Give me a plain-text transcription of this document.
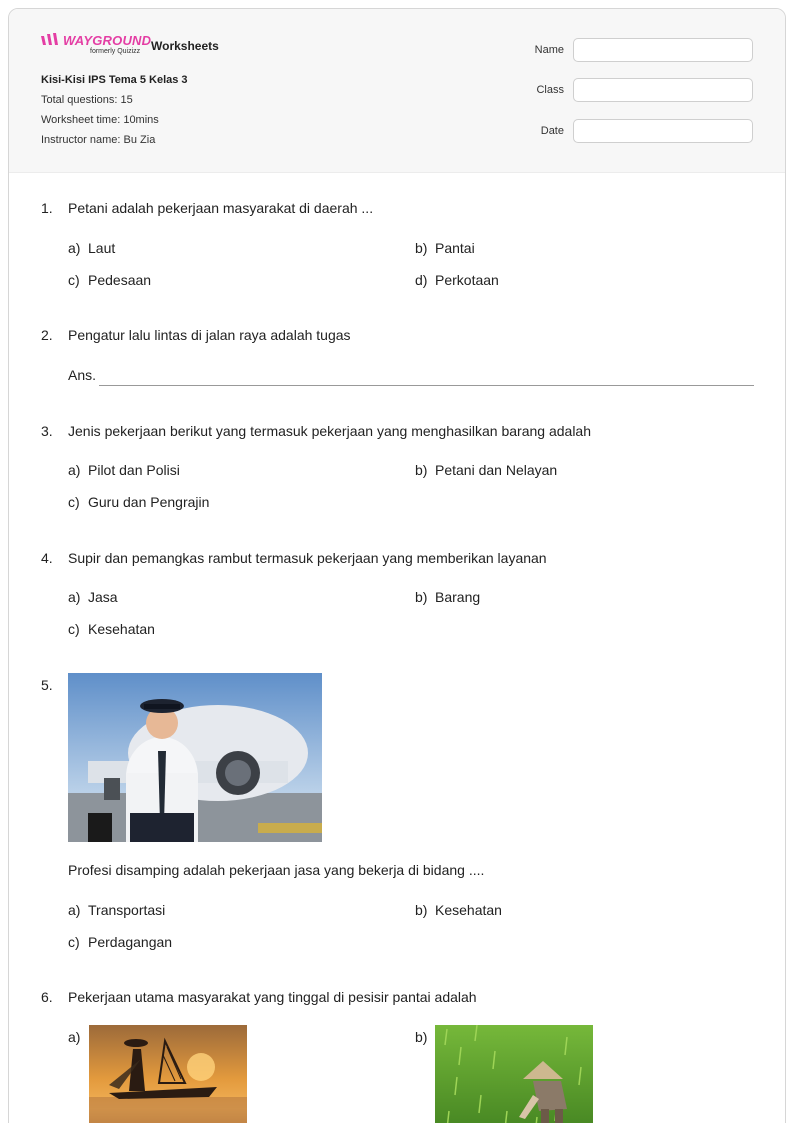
WAYGROUND
formerly Quizizz Worksheets
Kisi-Kisi IPS Tema 5 Kelas 3
Total questions: 15
Worksheet time: 10mins
Instructor name: Bu Zia
Name
Class
Date
1. Petani adalah pekerjaan masyarakat di daerah ...
a) Laut	b) Pantai
c) Pedesaan	d) Perkotaan
2. Pengatur lalu lintas di jalan raya adalah tugas
Ans.
3. Jenis pekerjaan berikut yang termasuk pekerjaan yang menghasilkan barang adalah
a) Pilot dan Polisi	b) Petani dan Nelayan
c) Guru dan Pengrajin
4. Supir dan pemangkas rambut termasuk pekerjaan yang memberikan layanan
a) Jasa	b) Barang
c) Kesehatan
5.
Profesi disamping adalah pekerjaan jasa yang bekerja di bidang ....
a) Transportasi	b) Kesehatan
c) Perdagangan
6. Pekerjaan utama masyarakat yang tinggal di pesisir pantai adalah
a)	b)
